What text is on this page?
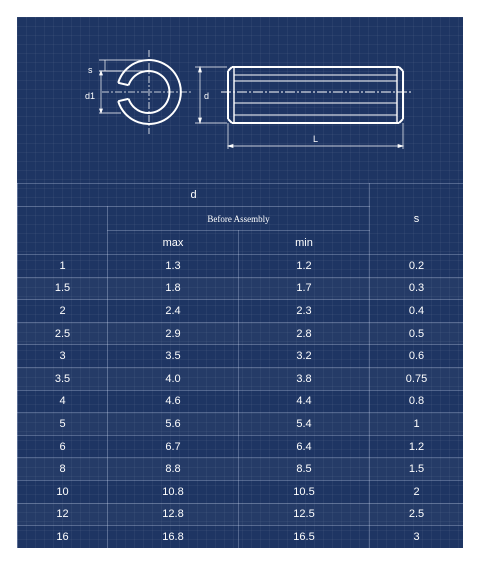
s
d1	d
L
d			s
	Before Assembly		
	max	min	
1	1.3	1.2	0.2
1.5	1.8	1.7	0.3
2	2.4	2.3	0.4
2.5	2.9	2.8	0.5
3	3.5	3.2	0.6
3.5	4.0	3.8	0.75
4	4.6	4.4	0.8
5	5.6	5.4	1
6	6.7	6.4	1.2
8	8.8	8.5	1.5
10	10.8	10.5	2
12	12.8	12.5	2.5
16	16.8	16.5	3
